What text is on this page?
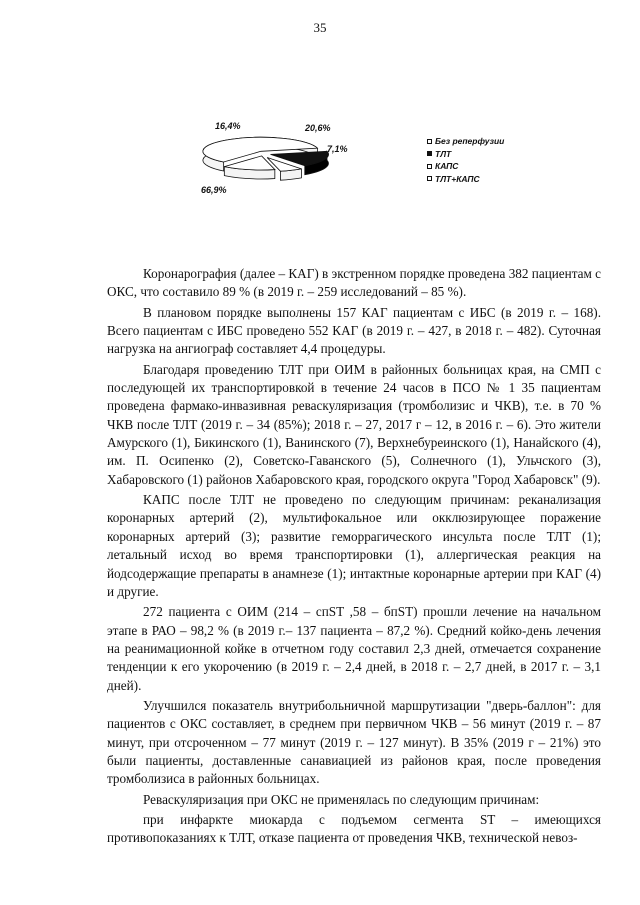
35
66,9%
20,6%
7,1%
16,4%
Без реперфузии
ТЛТ
КАПС
ТЛТ+КАПС

Коронарография (далее – КАГ) в экстренном порядке проведена 382 пациентам с ОКС, что составило 89 % (в 2019 г. – 259 исследований – 85 %).

В плановом порядке выполнены 157 КАГ пациентам с ИБС (в 2019 г. – 168). Всего пациентам с ИБС проведено 552 КАГ (в 2019 г. – 427, в 2018 г. – 482). Суточная нагрузка на ангиограф составляет 4,4 процедуры.

Благодаря проведению ТЛТ при ОИМ в районных больницах края, на СМП с последующей их транспортировкой в течение 24 часов в ПСО № 1 35 пациентам проведена фармако-инвазивная реваскуляризация (тромболизис и ЧКВ), т.е. в 70 % ЧКВ после ТЛТ (2019 г. – 34 (85%); 2018 г. – 27, 2017 г – 12, в 2016 г. – 6). Это жители Амурского (1), Бикинского (1), Ванинского (7), Верхнебуреинского (1), Нанайского (4), им. П. Осипенко (2), Советско-Гаванского (5), Солнечного (1), Ульчского (3), Хабаровского (1) районов Хабаровского края, городского округа "Город Хабаровск" (9).

КАПС после ТЛТ не проведено по следующим причинам: реканализация коронарных артерий (2), мультифокальное или окклюзирующее поражение коронарных артерий (3); развитие геморрагического инсульта после ТЛТ (1); летальный исход во время транспортировки (1), аллергическая реакция на йодсодержащие препараты в анамнезе (1); интактные коронарные артерии при КАГ (4) и другие.

272 пациента с ОИМ (214 – спST ,58 – бпST) прошли лечение на начальном этапе в РАО – 98,2 % (в 2019 г.– 137 пациента – 87,2 %). Средний койко-день лечения на реанимационной койке в отчетном году составил 2,3 дней, отмечается сохранение тенденции к его укорочению (в 2019 г. – 2,4 дней, в 2018 г. – 2,7 дней, в 2017 г. – 3,1 дней).

Улучшился показатель внутрибольничной маршрутизации "дверь-баллон": для пациентов с ОКС составляет, в среднем при первичном ЧКВ – 56 минут (2019 г. – 87 минут, при отсроченном – 77 минут (2019 г. – 127 минут). В 35% (2019 г – 21%) это были пациенты, доставленные санавиацией из районов края, после проведения тромболизиса в районных больницах.

Реваскуляризация при ОКС не применялась по следующим причинам:

при инфаркте миокарда с подъемом сегмента ST – имеющихся противопоказаниях к ТЛТ, отказе пациента от проведения ЧКВ, технической невоз-
